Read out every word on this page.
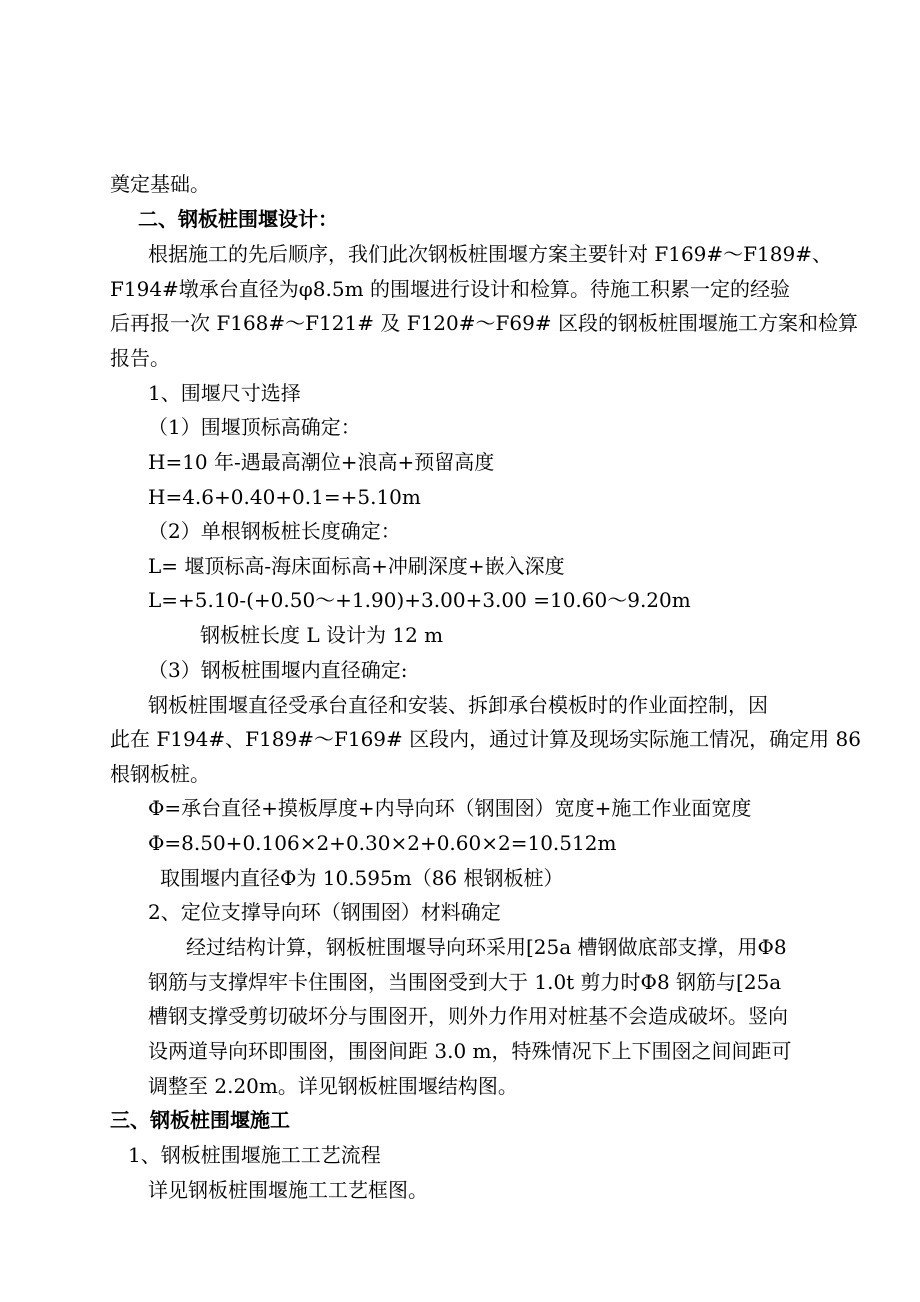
奠定基础。
二、钢板桩围堰设计：
根据施工的先后顺序，我们此次钢板桩围堰方案主要针对 F169#～F189#、
F194#墩承台直径为φ8.5m 的围堰进行设计和检算。待施工积累一定的经验
后再报一次 F168#～F121# 及 F120#～F69# 区段的钢板桩围堰施工方案和检算
报告。
1、围堰尺寸选择
（1）围堰顶标高确定：
H=10 年-遇最高潮位+浪高+预留高度
H=4.6+0.40+0.1=+5.10m
（2）单根钢板桩长度确定：
L= 堰顶标高-海床面标高+冲刷深度+嵌入深度
L=+5.10-(+0.50～+1.90)+3.00+3.00 =10.60～9.20m
钢板桩长度 L 设计为 12 m
（3）钢板桩围堰内直径确定:
钢板桩围堰直径受承台直径和安装、拆卸承台模板时的作业面控制，因
此在 F194#、F189#～F169# 区段内，通过计算及现场实际施工情况，确定用 86
根钢板桩。
Φ=承台直径+摸板厚度+内导向环（钢围囹）宽度+施工作业面宽度
Φ=8.50+0.106×2+0.30×2+0.60×2=10.512m
取围堰内直径Φ为 10.595m（86 根钢板桩）
2、定位支撑导向环（钢围囹）材料确定
经过结构计算，钢板桩围堰导向环采用[25a 槽钢做底部支撑，用Φ8
钢筋与支撑焊牢卡住围囹，当围囹受到大于 1.0t 剪力时Φ8 钢筋与[25a
槽钢支撑受剪切破坏分与围囹开，则外力作用对桩基不会造成破坏。竖向
设两道导向环即围囹，围囹间距 3.0 m，特殊情况下上下围囹之间间距可
调整至 2.20m。详见钢板桩围堰结构图。
三、钢板桩围堰施工
1、钢板桩围堰施工工艺流程
详见钢板桩围堰施工工艺框图。
